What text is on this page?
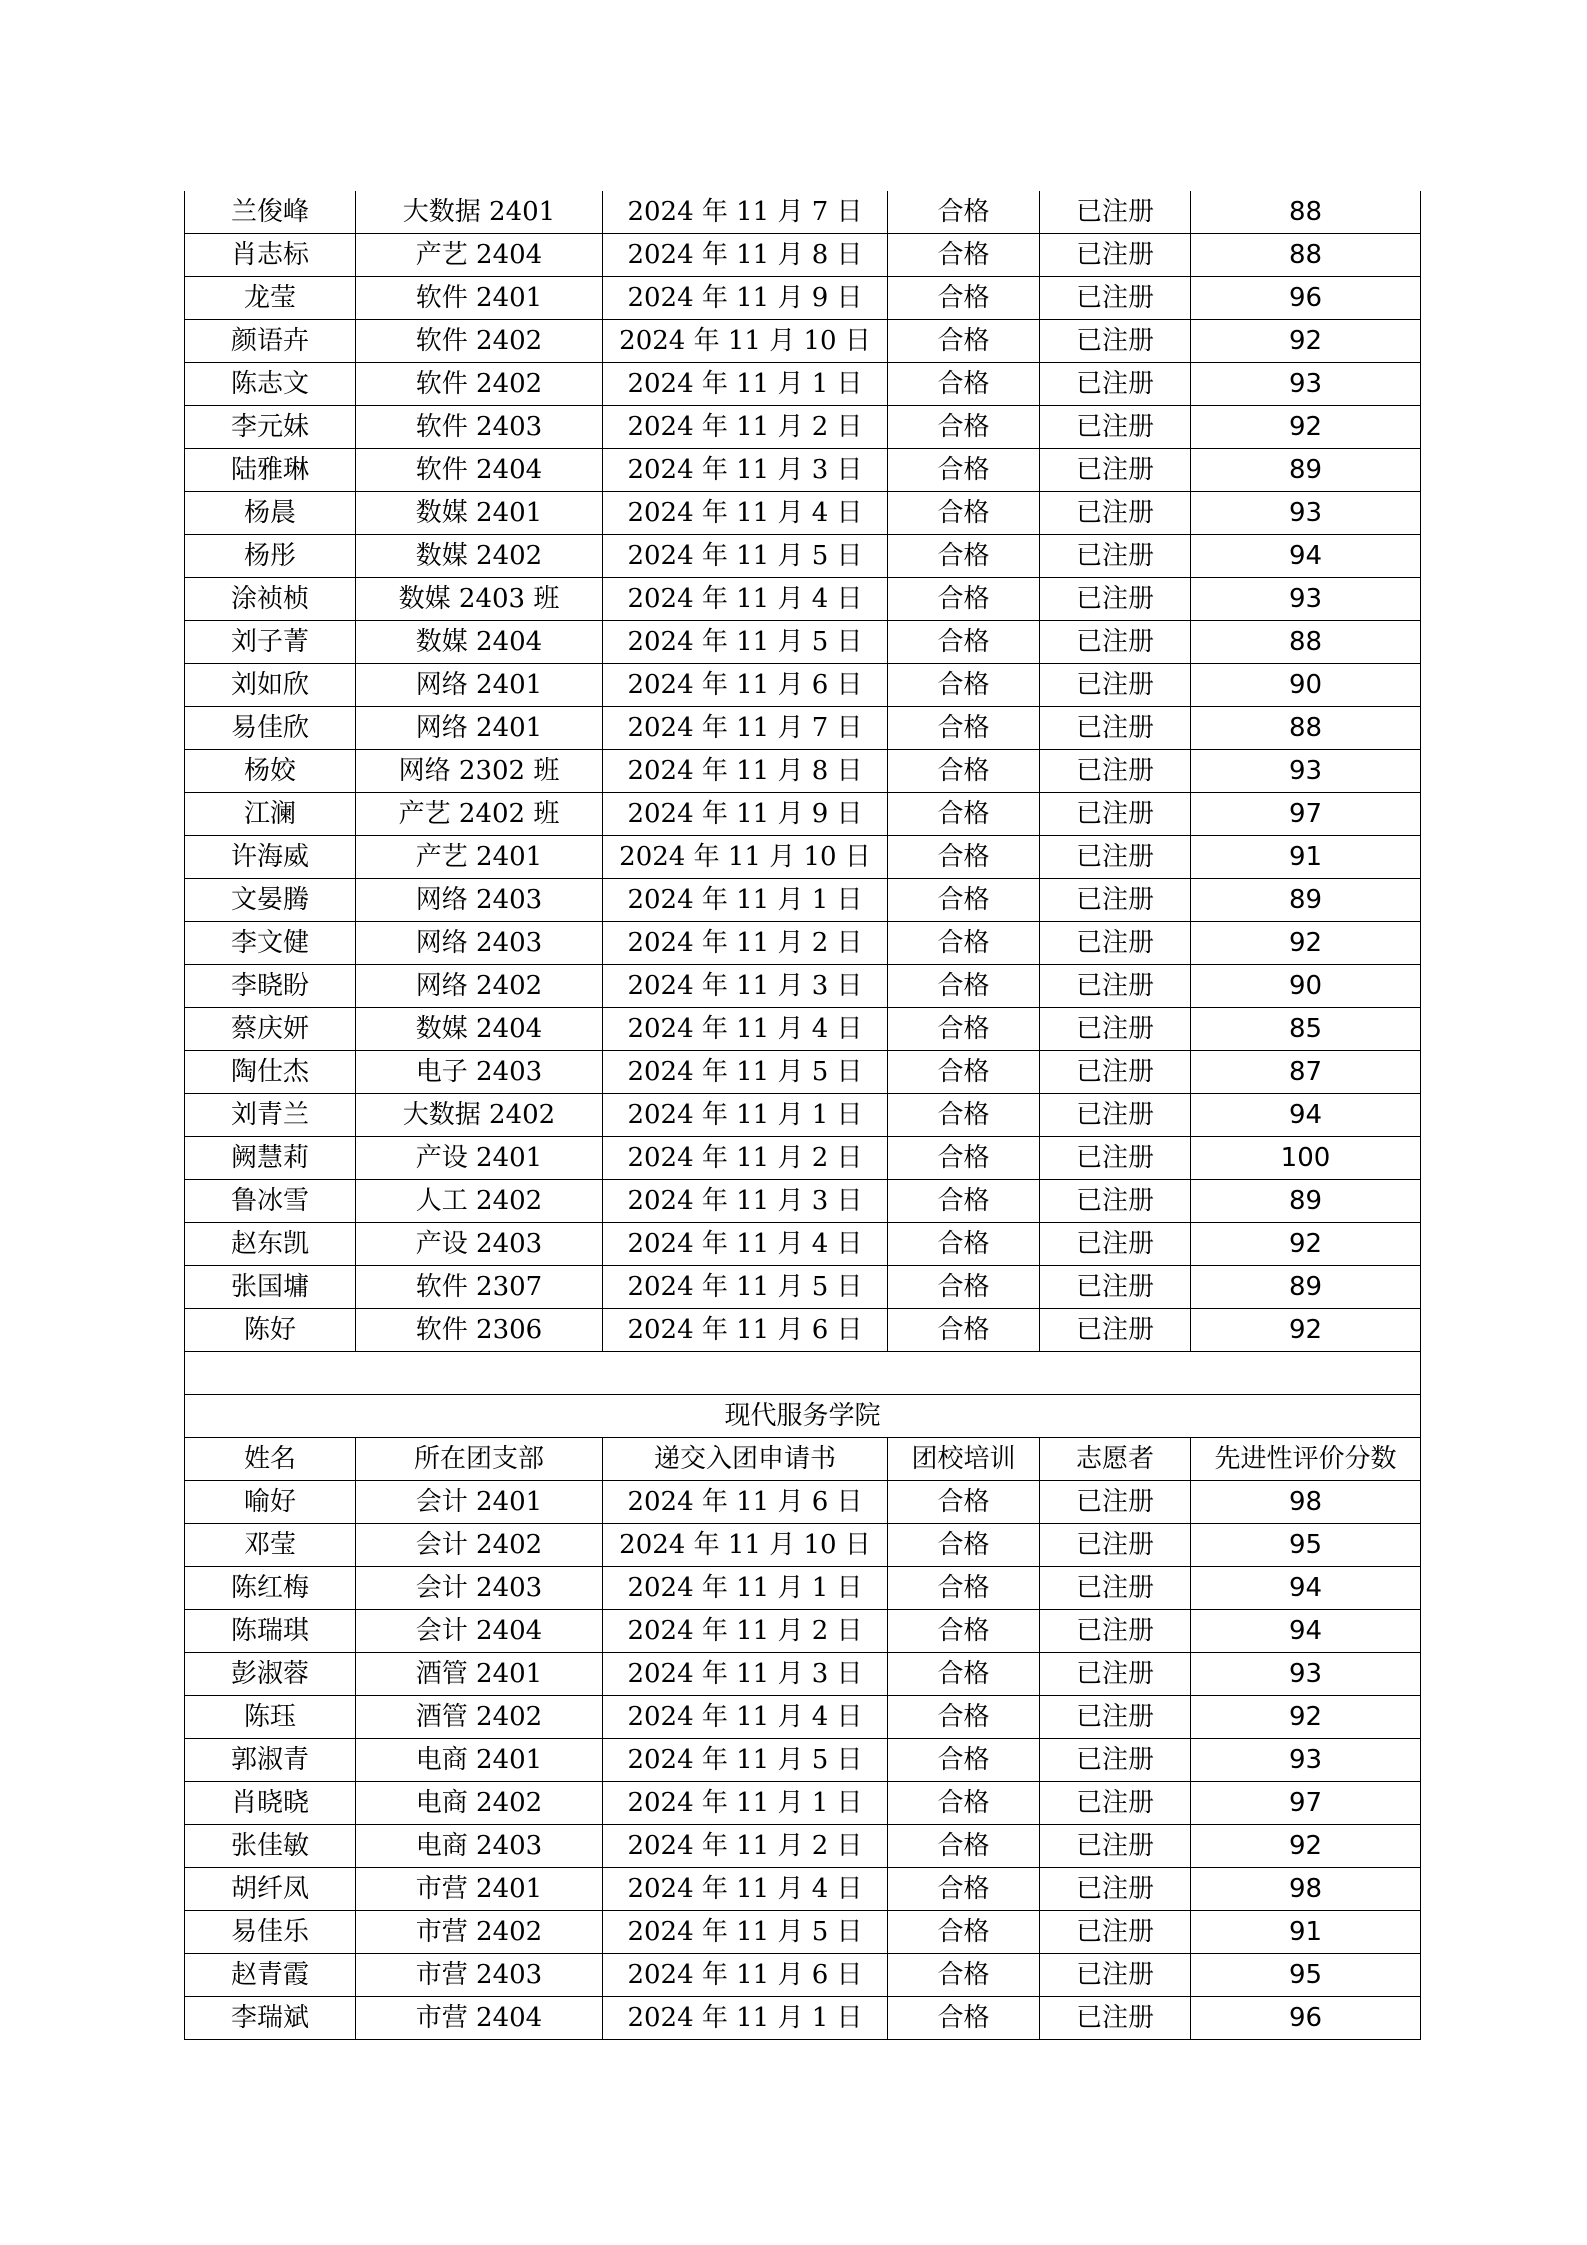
兰俊峰	大数据 2401	2024 年 11 月 7 日	合格	已注册	88
肖志标	产艺 2404	2024 年 11 月 8 日	合格	已注册	88
龙莹	软件 2401	2024 年 11 月 9 日	合格	已注册	96
颜语卉	软件 2402	2024 年 11 月 10 日	合格	已注册	92
陈志文	软件 2402	2024 年 11 月 1 日	合格	已注册	93
李元妹	软件 2403	2024 年 11 月 2 日	合格	已注册	92
陆雅琳	软件 2404	2024 年 11 月 3 日	合格	已注册	89
杨晨	数媒 2401	2024 年 11 月 4 日	合格	已注册	93
杨彤	数媒 2402	2024 年 11 月 5 日	合格	已注册	94
涂祯桢	数媒 2403 班	2024 年 11 月 4 日	合格	已注册	93
刘子菁	数媒 2404	2024 年 11 月 5 日	合格	已注册	88
刘如欣	网络 2401	2024 年 11 月 6 日	合格	已注册	90
易佳欣	网络 2401	2024 年 11 月 7 日	合格	已注册	88
杨姣	网络 2302 班	2024 年 11 月 8 日	合格	已注册	93
江澜	产艺 2402 班	2024 年 11 月 9 日	合格	已注册	97
许海威	产艺 2401	2024 年 11 月 10 日	合格	已注册	91
文晏腾	网络 2403	2024 年 11 月 1 日	合格	已注册	89
李文健	网络 2403	2024 年 11 月 2 日	合格	已注册	92
李晓盼	网络 2402	2024 年 11 月 3 日	合格	已注册	90
蔡庆妍	数媒 2404	2024 年 11 月 4 日	合格	已注册	85
陶仕杰	电子 2403	2024 年 11 月 5 日	合格	已注册	87
刘青兰	大数据 2402	2024 年 11 月 1 日	合格	已注册	94
阙慧莉	产设 2401	2024 年 11 月 2 日	合格	已注册	100
鲁冰雪	人工 2402	2024 年 11 月 3 日	合格	已注册	89
赵东凯	产设 2403	2024 年 11 月 4 日	合格	已注册	92
张国墉	软件 2307	2024 年 11 月 5 日	合格	已注册	89
陈好	软件 2306	2024 年 11 月 6 日	合格	已注册	92

现代服务学院					
姓名	所在团支部	递交入团申请书	团校培训	志愿者	先进性评价分数
喻好	会计 2401	2024 年 11 月 6 日	合格	已注册	98
邓莹	会计 2402	2024 年 11 月 10 日	合格	已注册	95
陈红梅	会计 2403	2024 年 11 月 1 日	合格	已注册	94
陈瑞琪	会计 2404	2024 年 11 月 2 日	合格	已注册	94
彭淑蓉	酒管 2401	2024 年 11 月 3 日	合格	已注册	93
陈珏	酒管 2402	2024 年 11 月 4 日	合格	已注册	92
郭淑青	电商 2401	2024 年 11 月 5 日	合格	已注册	93
肖晓晓	电商 2402	2024 年 11 月 1 日	合格	已注册	97
张佳敏	电商 2403	2024 年 11 月 2 日	合格	已注册	92
胡纤凤	市营 2401	2024 年 11 月 4 日	合格	已注册	98
易佳乐	市营 2402	2024 年 11 月 5 日	合格	已注册	91
赵青霞	市营 2403	2024 年 11 月 6 日	合格	已注册	95
李瑞斌	市营 2404	2024 年 11 月 1 日	合格	已注册	96
